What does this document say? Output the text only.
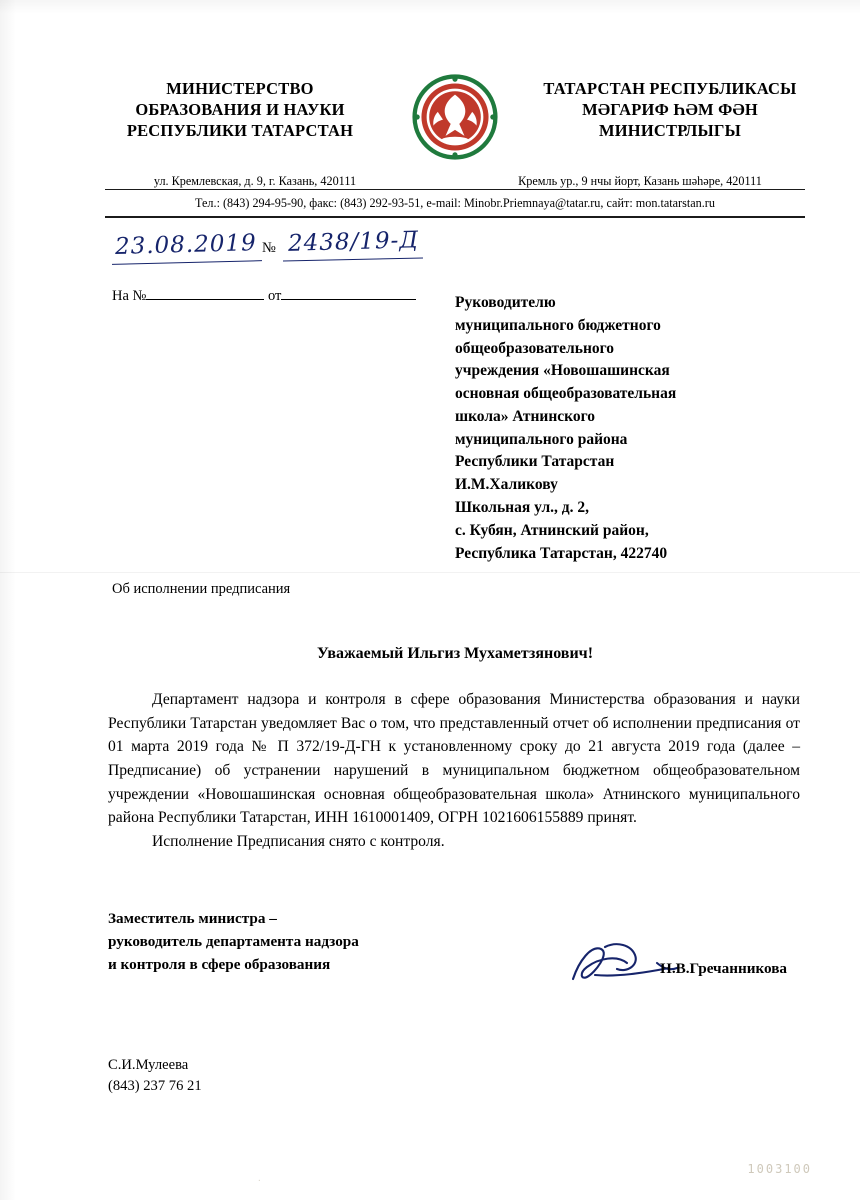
МИНИСТЕРСТВО
ОБРАЗОВАНИЯ И НАУКИ
РЕСПУБЛИКИ ТАТАРСТАН
ТАТАРСТАН РЕСПУБЛИКАСЫ
МӘГАРИФ ҺӘМ ФӘН
МИНИСТРЛЫГЫ
ул. Кремлевская, д. 9, г. Казань, 420111	Кремль ур., 9 нчы йорт, Казань шәһәре, 420111
Тел.: (843) 294-95-90, факс: (843) 292-93-51, e-mail: Minobr.Priemnaya@tatar.ru, сайт: mon.tatarstan.ru
23.08.2019 № 2438/19-Д
На №	от	Руководителю
муниципального бюджетного
общеобразовательного
учреждения «Новошашинская
основная общеобразовательная
школа» Атнинского
муниципального района
Республики Татарстан
И.М.Халикову
Школьная ул., д. 2,
с. Кубян, Атнинский район,
Республика Татарстан, 422740
Об исполнении предписания
Уважаемый Ильгиз Мухаметзянович!

Департамент надзора и контроля в сфере образования Министерства образования и науки Республики Татарстан уведомляет Вас о том, что представленный отчет об исполнении предписания от 01 марта 2019 года № П 372/19-Д-ГН к установленному сроку до 21 августа 2019 года (далее – Предписание) об устранении нарушений в муниципальном бюджетном общеобразовательном учреждении «Новошашинская основная общеобразовательная школа» Атнинского муниципального района Республики Татарстан, ИНН 1610001409, ОГРН 1021606155889 принят.

Исполнение Предписания снято с контроля.

Заместитель министра –
руководитель департамента надзора
и контроля в сфере образования	Н.В.Гречанникова
С.И.Мулеева
(843) 237 76 21
1003100
.
